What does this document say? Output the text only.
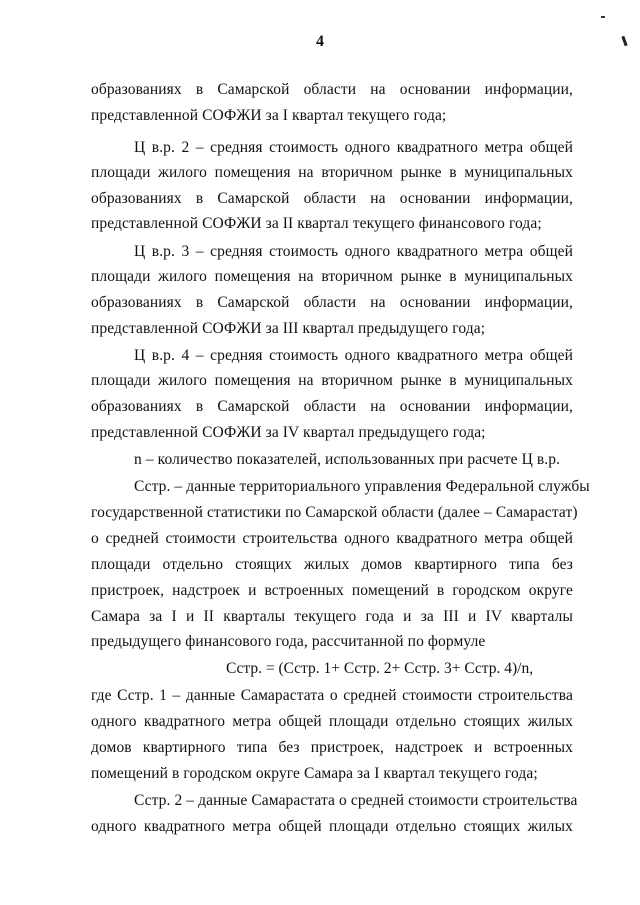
4
образованиях в Самарской области на основании информации,
представленной СОФЖИ за I квартал текущего года;
Ц в.р. 2 – средняя стоимость одного квадратного метра общей
площади жилого помещения на вторичном рынке в муниципальных
образованиях в Самарской области на основании информации,
представленной СОФЖИ за II квартал текущего финансового года;
Ц в.р. 3 – средняя стоимость одного квадратного метра общей
площади жилого помещения на вторичном рынке в муниципальных
образованиях в Самарской области на основании информации,
представленной СОФЖИ за III квартал предыдущего года;
Ц в.р. 4 – средняя стоимость одного квадратного метра общей
площади жилого помещения на вторичном рынке в муниципальных
образованиях в Самарской области на основании информации,
представленной СОФЖИ за IV квартал предыдущего года;
n – количество показателей, использованных при расчете Ц в.р.
Сстр. – данные территориального управления Федеральной службы
государственной статистики по Самарской области (далее – Самарастат)
о средней стоимости строительства одного квадратного метра общей
площади отдельно стоящих жилых домов квартирного типа без
пристроек, надстроек и встроенных помещений в городском округе
Самара за I и II кварталы текущего года и за III и IV кварталы
предыдущего финансового года, рассчитанной по формуле
Сстр. = (Сстр. 1+ Сстр. 2+ Сстр. 3+ Сстр. 4)/n,
где Сстр. 1 – данные Самарастата о средней стоимости строительства
одного квадратного метра общей площади отдельно стоящих жилых
домов квартирного типа без пристроек, надстроек и встроенных
помещений в городском округе Самара за I квартал текущего года;
Сстр. 2 – данные Самарастата о средней стоимости строительства
одного квадратного метра общей площади отдельно стоящих жилых
